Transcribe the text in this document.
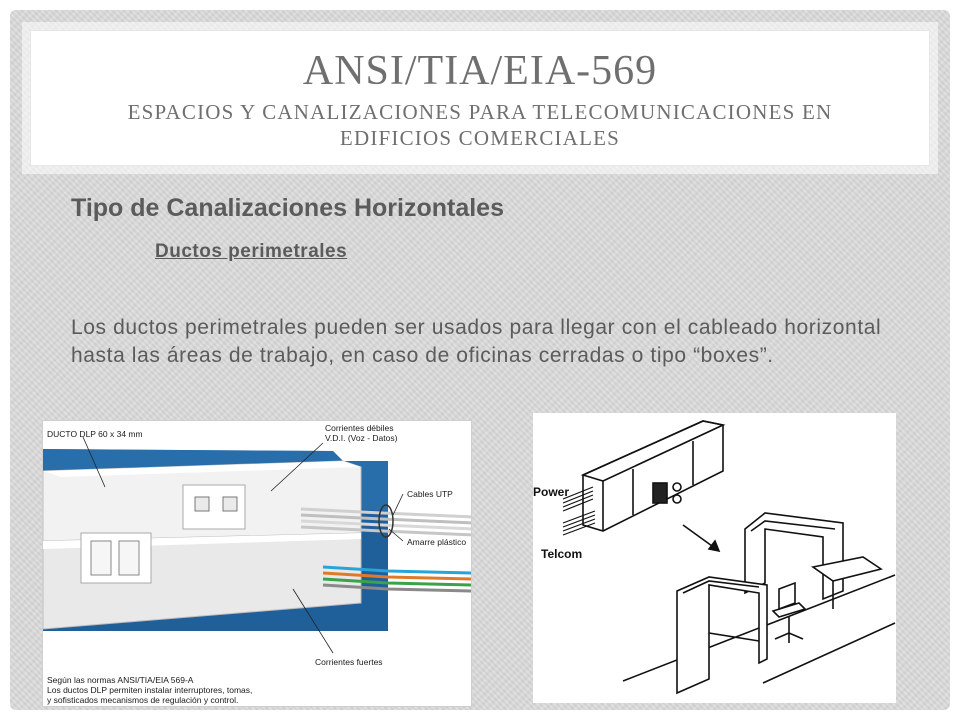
ANSI/TIA/EIA-569
ESPACIOS Y CANALIZACIONES PARA TELECOMUNICACIONES EN
EDIFICIOS COMERCIALES
Tipo de Canalizaciones Horizontales
Ductos perimetrales
Los ductos perimetrales pueden ser usados para llegar con el cableado horizontal hasta las áreas de trabajo, en caso de oficinas cerradas o tipo “boxes”.
DUCTO DLP 60 x 34 mm
Corrientes débiles
V.D.I. (Voz - Datos)
Cables UTP
Amarre plástico
Corrientes fuertes
Según las normas ANSI/TIA/EIA 569-A
Los ductos DLP permiten instalar interruptores, tomas,
y sofisticados mecanismos de regulación y control.
Power
Telcom
